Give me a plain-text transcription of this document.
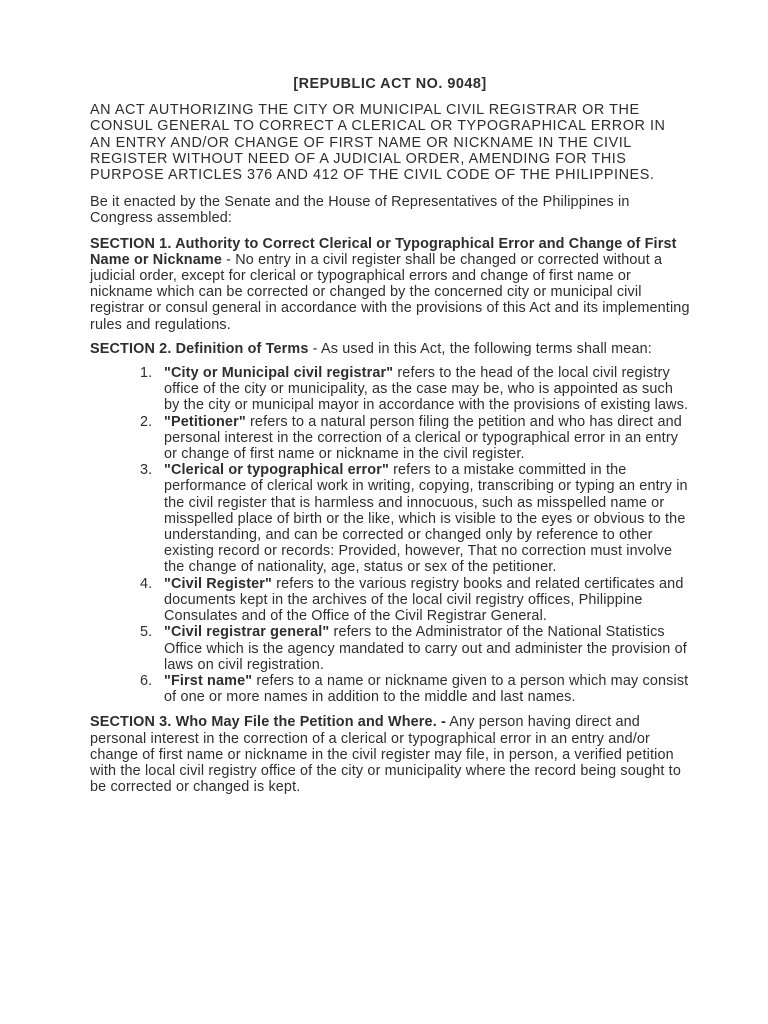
[REPUBLIC ACT NO. 9048]

AN ACT AUTHORIZING THE CITY OR MUNICIPAL CIVIL REGISTRAR OR THE CONSUL GENERAL TO CORRECT A CLERICAL OR TYPOGRAPHICAL ERROR IN AN ENTRY AND/OR CHANGE OF FIRST NAME OR NICKNAME IN THE CIVIL REGISTER WITHOUT NEED OF A JUDICIAL ORDER, AMENDING FOR THIS PURPOSE ARTICLES 376 AND 412 OF THE CIVIL CODE OF THE PHILIPPINES.

Be it enacted by the Senate and the House of Representatives of the Philippines in Congress assembled:

SECTION 1. Authority to Correct Clerical or Typographical Error and Change of First Name or Nickname - No entry in a civil register shall be changed or corrected without a judicial order, except for clerical or typographical errors and change of first name or nickname which can be corrected or changed by the concerned city or municipal civil registrar or consul general in accordance with the provisions of this Act and its implementing rules and regulations.

SECTION 2. Definition of Terms - As used in this Act, the following terms shall mean:

1. "City or Municipal civil registrar" refers to the head of the local civil registry office of the city or municipality, as the case may be, who is appointed as such by the city or municipal mayor in accordance with the provisions of existing laws.
2. "Petitioner" refers to a natural person filing the petition and who has direct and personal interest in the correction of a clerical or typographical error in an entry or change of first name or nickname in the civil register.
3. "Clerical or typographical error" refers to a mistake committed in the performance of clerical work in writing, copying, transcribing or typing an entry in the civil register that is harmless and innocuous, such as misspelled name or misspelled place of birth or the like, which is visible to the eyes or obvious to the understanding, and can be corrected or changed only by reference to other existing record or records: Provided, however, That no correction must involve the change of nationality, age, status or sex of the petitioner.
4. "Civil Register" refers to the various registry books and related certificates and documents kept in the archives of the local civil registry offices, Philippine Consulates and of the Office of the Civil Registrar General.
5. "Civil registrar general" refers to the Administrator of the National Statistics Office which is the agency mandated to carry out and administer the provision of laws on civil registration.
6. "First name" refers to a name or nickname given to a person which may consist of one or more names in addition to the middle and last names.

SECTION 3. Who May File the Petition and Where. - Any person having direct and personal interest in the correction of a clerical or typographical error in an entry and/or change of first name or nickname in the civil register may file, in person, a verified petition with the local civil registry office of the city or municipality where the record being sought to be corrected or changed is kept.
